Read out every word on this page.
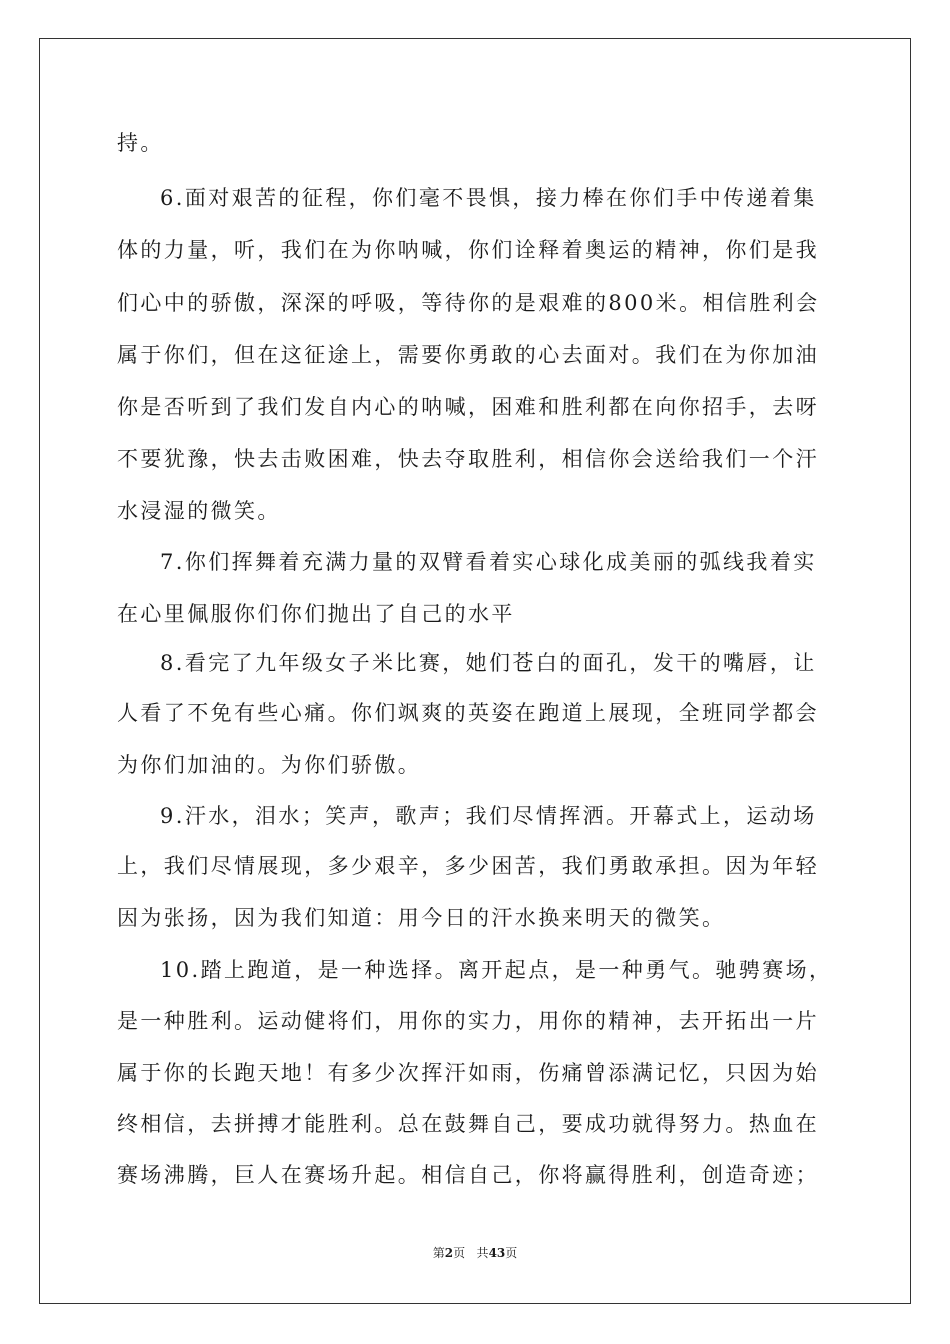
持。
6.面对艰苦的征程，你们毫不畏惧，接力棒在你们手中传递着集
体的力量，听，我们在为你呐喊，你们诠释着奥运的精神，你们是我
们心中的骄傲，深深的呼吸，等待你的是艰难的800米。相信胜利会
属于你们，但在这征途上，需要你勇敢的心去面对。我们在为你加油
你是否听到了我们发自内心的呐喊，困难和胜利都在向你招手，去呀
不要犹豫，快去击败困难，快去夺取胜利，相信你会送给我们一个汗
水浸湿的微笑。
7.你们挥舞着充满力量的双臂看着实心球化成美丽的弧线我着实
在心里佩服你们你们抛出了自己的水平
8.看完了九年级女子米比赛，她们苍白的面孔，发干的嘴唇，让
人看了不免有些心痛。你们飒爽的英姿在跑道上展现，全班同学都会
为你们加油的。为你们骄傲。
9.汗水，泪水；笑声，歌声；我们尽情挥洒。开幕式上，运动场
上，我们尽情展现，多少艰辛，多少困苦，我们勇敢承担。因为年轻
因为张扬，因为我们知道：用今日的汗水换来明天的微笑。
10.踏上跑道，是一种选择。离开起点，是一种勇气。驰骋赛场，
是一种胜利。运动健将们，用你的实力，用你的精神，去开拓出一片
属于你的长跑天地！有多少次挥汗如雨，伤痛曾添满记忆，只因为始
终相信，去拼搏才能胜利。总在鼓舞自己，要成功就得努力。热血在
赛场沸腾，巨人在赛场升起。相信自己，你将赢得胜利，创造奇迹；
第2页 共43页
